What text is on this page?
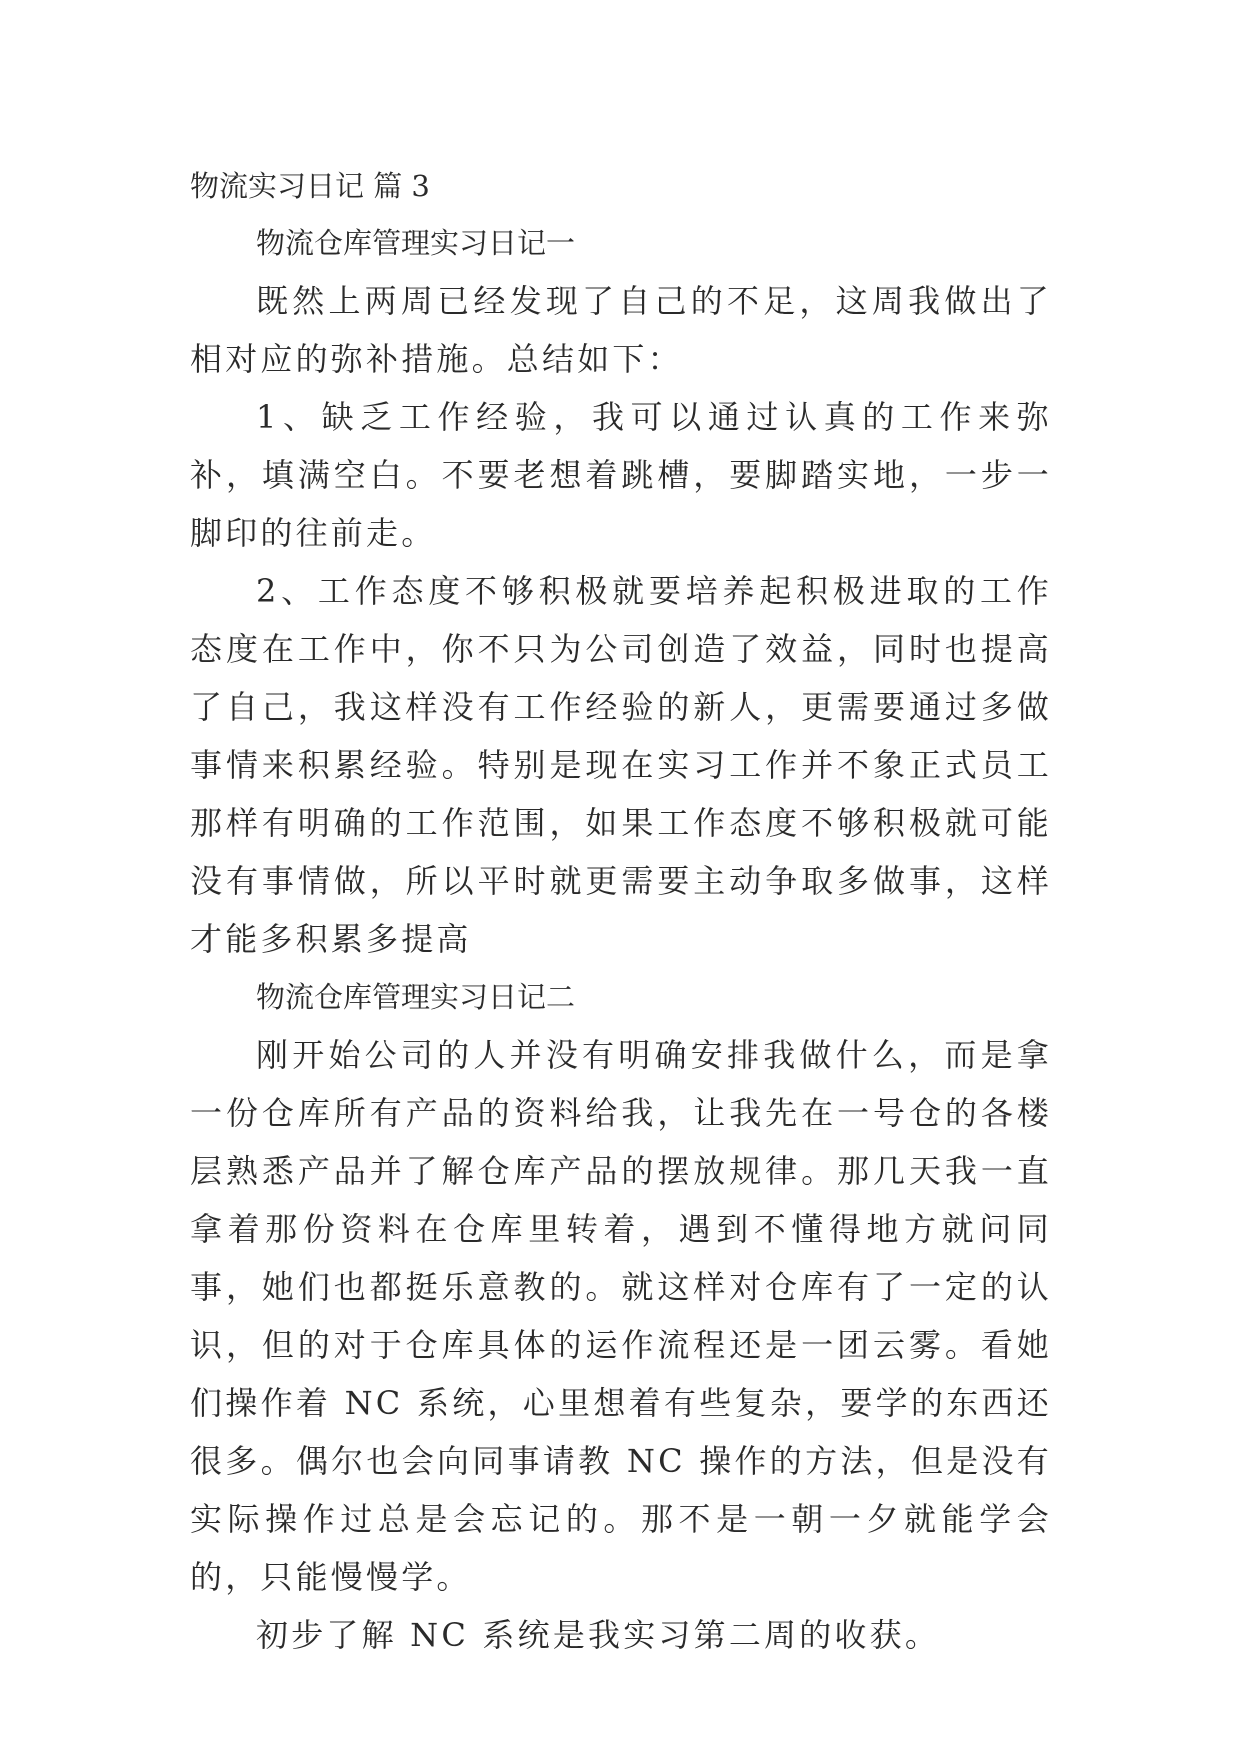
物流实习日记 篇 3

物流仓库管理实习日记一

既然上两周已经发现了自己的不足，这周我做出了相对应的弥补措施。总结如下：

1、缺乏工作经验，我可以通过认真的工作来弥补，填满空白。不要老想着跳槽，要脚踏实地，一步一脚印的往前走。

2、工作态度不够积极就要培养起积极进取的工作态度在工作中，你不只为公司创造了效益，同时也提高了自己，我这样没有工作经验的新人，更需要通过多做事情来积累经验。特别是现在实习工作并不象正式员工那样有明确的工作范围，如果工作态度不够积极就可能没有事情做，所以平时就更需要主动争取多做事，这样才能多积累多提高

物流仓库管理实习日记二

刚开始公司的人并没有明确安排我做什么，而是拿一份仓库所有产品的资料给我，让我先在一号仓的各楼层熟悉产品并了解仓库产品的摆放规律。那几天我一直拿着那份资料在仓库里转着，遇到不懂得地方就问同事，她们也都挺乐意教的。就这样对仓库有了一定的认识，但的对于仓库具体的运作流程还是一团云雾。看她们操作着 NC 系统，心里想着有些复杂，要学的东西还很多。偶尔也会向同事请教 NC 操作的方法，但是没有实际操作过总是会忘记的。那不是一朝一夕就能学会的，只能慢慢学。

初步了解 NC 系统是我实习第二周的收获。
